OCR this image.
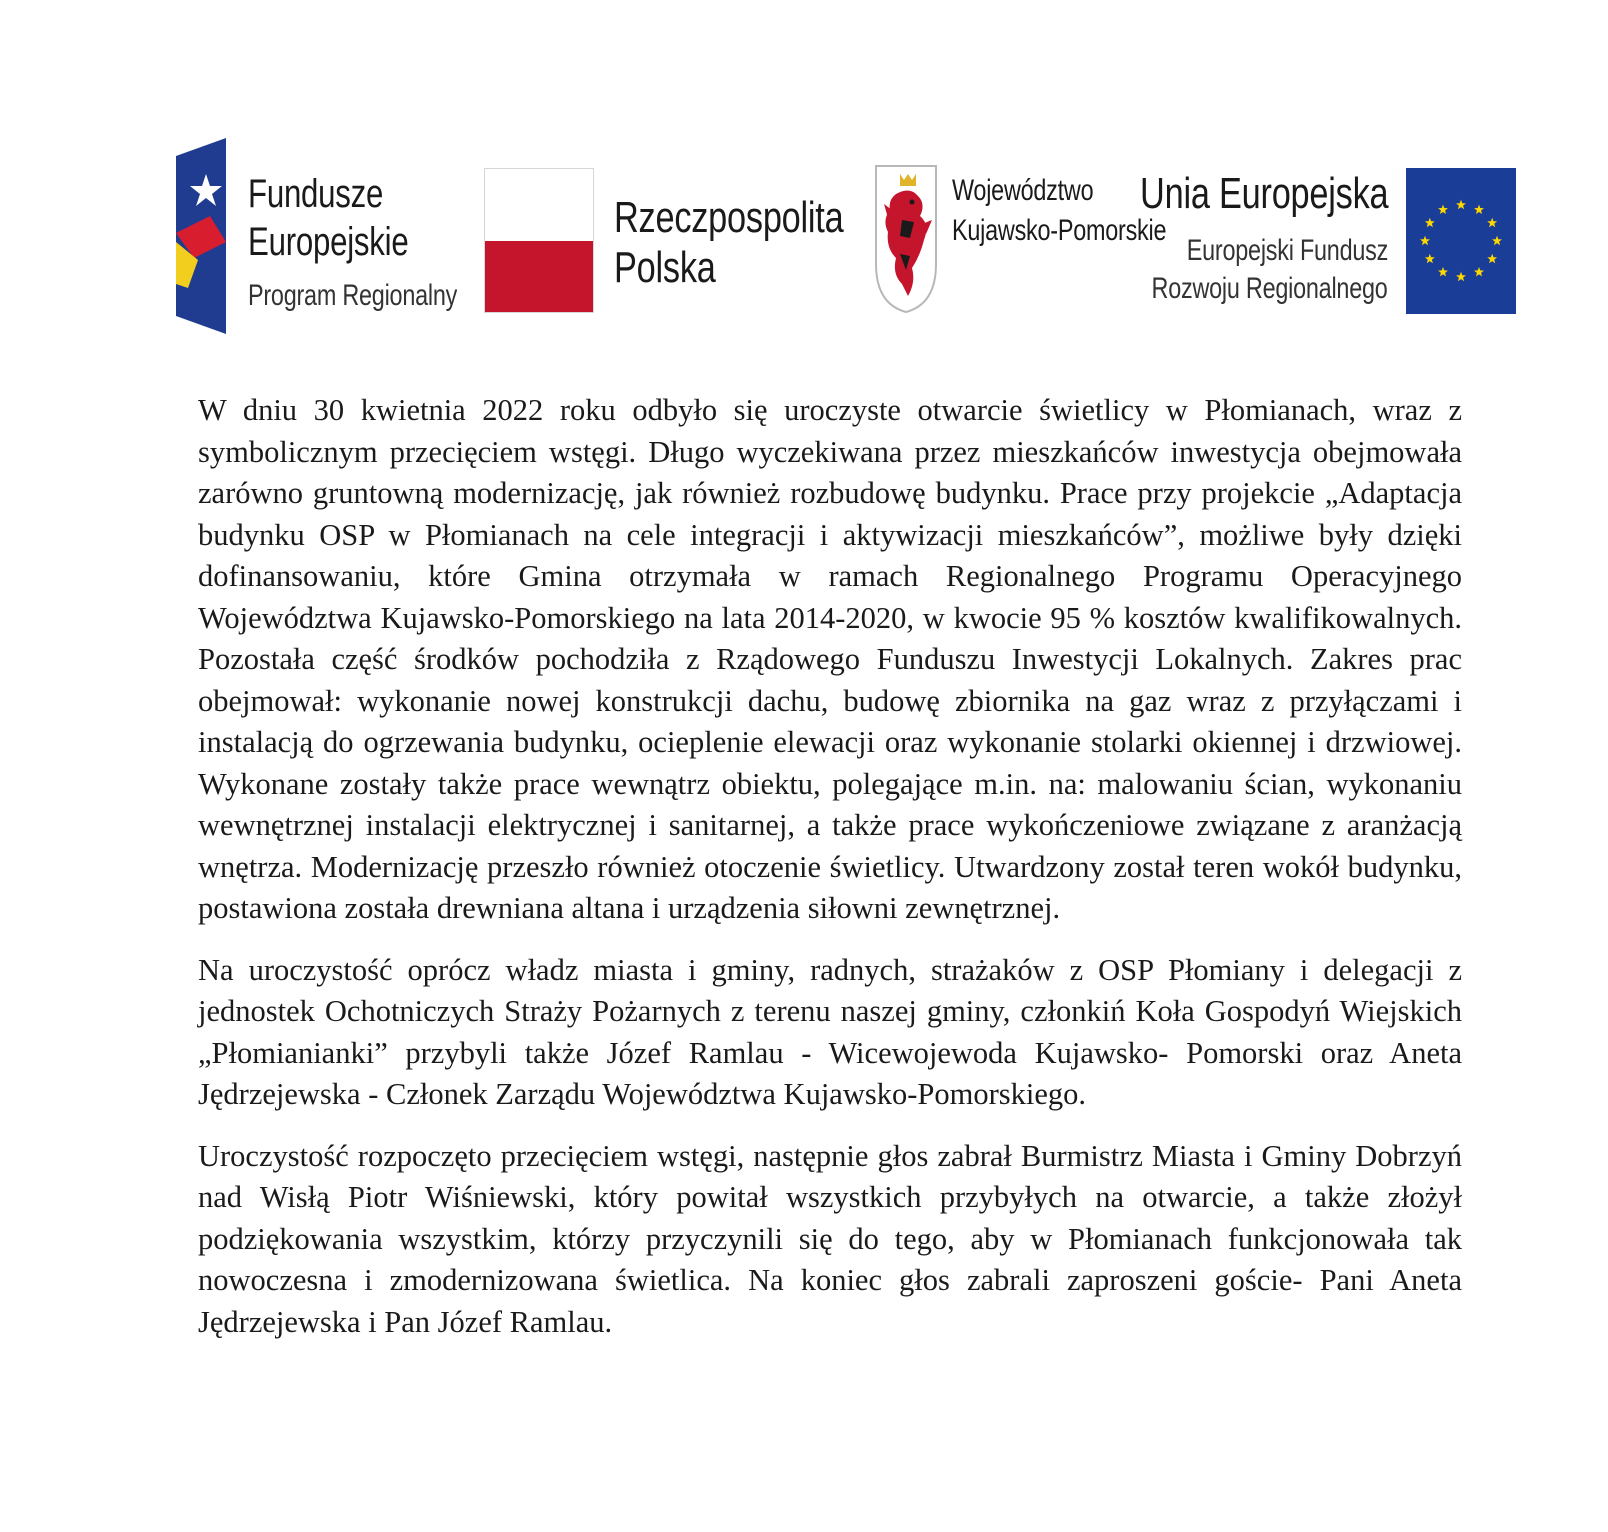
Fundusze
Europejskie
Program Regionalny
Rzeczpospolita
Polska
Województwo
Kujawsko-Pomorskie
Unia Europejska
Europejski Fundusz
Rozwoju Regionalnego

W dniu 30 kwietnia 2022 roku odbyło się uroczyste otwarcie świetlicy w Płomianach, wraz z symbolicznym przecięciem wstęgi. Długo wyczekiwana przez mieszkańców inwestycja obejmowała zarówno gruntowną modernizację, jak również rozbudowę budynku. Prace przy projekcie „Adaptacja budynku OSP w Płomianach na cele integracji i aktywizacji mieszkańców”, możliwe były dzięki dofinansowaniu, które Gmina otrzymała w ramach Regionalnego Programu Operacyjnego Województwa Kujawsko-Pomorskiego na lata 2014-2020, w kwocie 95 % kosztów kwalifikowalnych. Pozostała część środków pochodziła z Rządowego Funduszu Inwestycji Lokalnych. Zakres prac obejmował: wykonanie nowej konstrukcji dachu, budowę zbiornika na gaz wraz z przyłączami i instalacją do ogrzewania budynku, ocieplenie elewacji oraz wykonanie stolarki okiennej i drzwiowej. Wykonane zostały także prace wewnątrz obiektu, polegające m.in. na: malowaniu ścian, wykonaniu wewnętrznej instalacji elektrycznej i sanitarnej, a także prace wykończeniowe związane z aranżacją wnętrza. Modernizację przeszło również otoczenie świetlicy. Utwardzony został teren wokół budynku, postawiona została drewniana altana i urządzenia siłowni zewnętrznej.

Na uroczystość oprócz władz miasta i gminy, radnych, strażaków z OSP Płomiany i delegacji z jednostek Ochotniczych Straży Pożarnych z terenu naszej gminy, członkiń Koła Gospodyń Wiejskich „Płomianianki” przybyli także Józef Ramlau - Wicewojewoda Kujawsko- Pomorski oraz Aneta Jędrzejewska - Członek Zarządu Województwa Kujawsko-Pomorskiego.

Uroczystość rozpoczęto przecięciem wstęgi, następnie głos zabrał Burmistrz Miasta i Gminy Dobrzyń nad Wisłą Piotr Wiśniewski, który powitał wszystkich przybyłych na otwarcie, a także złożył podziękowania wszystkim, którzy przyczynili się do tego, aby w Płomianach funkcjonowała tak nowoczesna i zmodernizowana świetlica. Na koniec głos zabrali zaproszeni goście- Pani Aneta Jędrzejewska i Pan Józef Ramlau.
